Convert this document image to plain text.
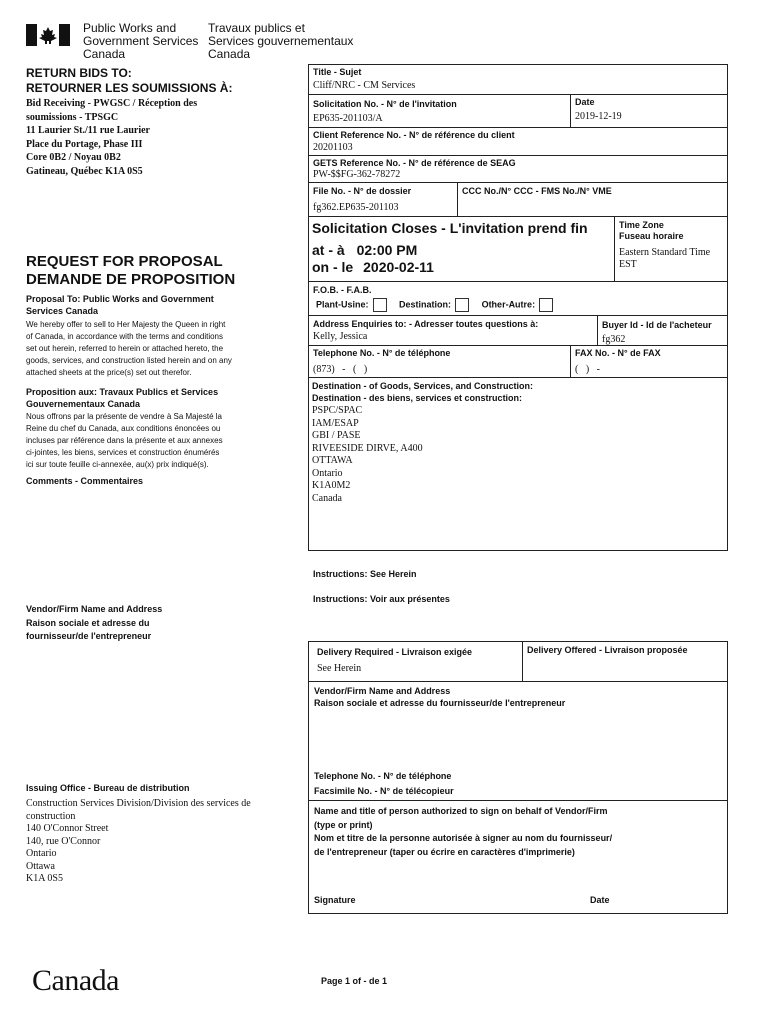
Public Works and
Government Services
Canada
Travaux publics et
Services gouvernementaux
Canada
RETURN BIDS TO:
RETOURNER LES SOUMISSIONS À:
Bid Receiving - PWGSC / Réception des
soumissions - TPSGC
11 Laurier St./11 rue Laurier
Place du Portage, Phase III
Core 0B2 / Noyau 0B2
Gatineau, Québec K1A 0S5
REQUEST FOR PROPOSAL
DEMANDE DE PROPOSITION
Proposal To: Public Works and Government
Services Canada
We hereby offer to sell to Her Majesty the Queen in right
of Canada, in accordance with the terms and conditions
set out herein, referred to herein or attached hereto, the
goods, services, and construction listed herein and on any
attached sheets at the price(s) set out therefor.
Proposition aux: Travaux Publics et Services
Gouvernementaux Canada
Nous offrons par la présente de vendre à Sa Majesté la
Reine du chef du Canada, aux conditions énoncées ou
incluses par référence dans la présente et aux annexes
ci-jointes, les biens, services et construction énumérés
ici sur toute feuille ci-annexée, au(x) prix indiqué(s).
Comments - Commentaires
Vendor/Firm Name and Address
Raison sociale et adresse du
fournisseur/de l'entrepreneur
Issuing Office - Bureau de distribution
Construction Services Division/Division des services de
construction
140 O'Connor Street
140, rue O'Connor
Ontario
Ottawa
K1A 0S5
Title - Sujet
Cliff/NRC - CM Services
Solicitation No. - N° de l'invitation
EP635-201103/A
Date
2019-12-19
Client Reference No. - N° de référence du client
20201103
GETS Reference No. - N° de référence de SEAG
PW-$$FG-362-78272
File No. - N° de dossier
fg362.EP635-201103
CCC No./N° CCC - FMS No./N° VME
Solicitation Closes - L'invitation prend fin
at - à 02:00 PM
on - le 2020-02-11
Time Zone
Fuseau horaire
Eastern Standard Time
EST
F.O.B. - F.A.B.
Plant-Usine:	Destination:	Other-Autre:
Address Enquiries to: - Adresser toutes questions à:
Kelly, Jessica
Buyer Id - Id de l'acheteur
fg362
Telephone No. - N° de téléphone
(873)   -   (   )
FAX No. - N° de FAX
(   )   -
Destination - of Goods, Services, and Construction:
Destination - des biens, services et construction:
PSPC/SPAC
IAM/ESAP
GBI / PASE
RIVEESIDE DIRVE, A400
OTTAWA
Ontario
K1A0M2
Canada
Instructions: See Herein
Instructions: Voir aux présentes
Delivery Required - Livraison exigée
See Herein
Delivery Offered - Livraison proposée
Vendor/Firm Name and Address
Raison sociale et adresse du fournisseur/de l'entrepreneur
Telephone No. - N° de téléphone
Facsimile No. - N° de télécopieur
Name and title of person authorized to sign on behalf of Vendor/Firm
(type or print)
Nom et titre de la personne autorisée à signer au nom du fournisseur/
de l'entrepreneur (taper ou écrire en caractères d'imprimerie)
Signature	Date
Canada	Page 1 of - de 1
